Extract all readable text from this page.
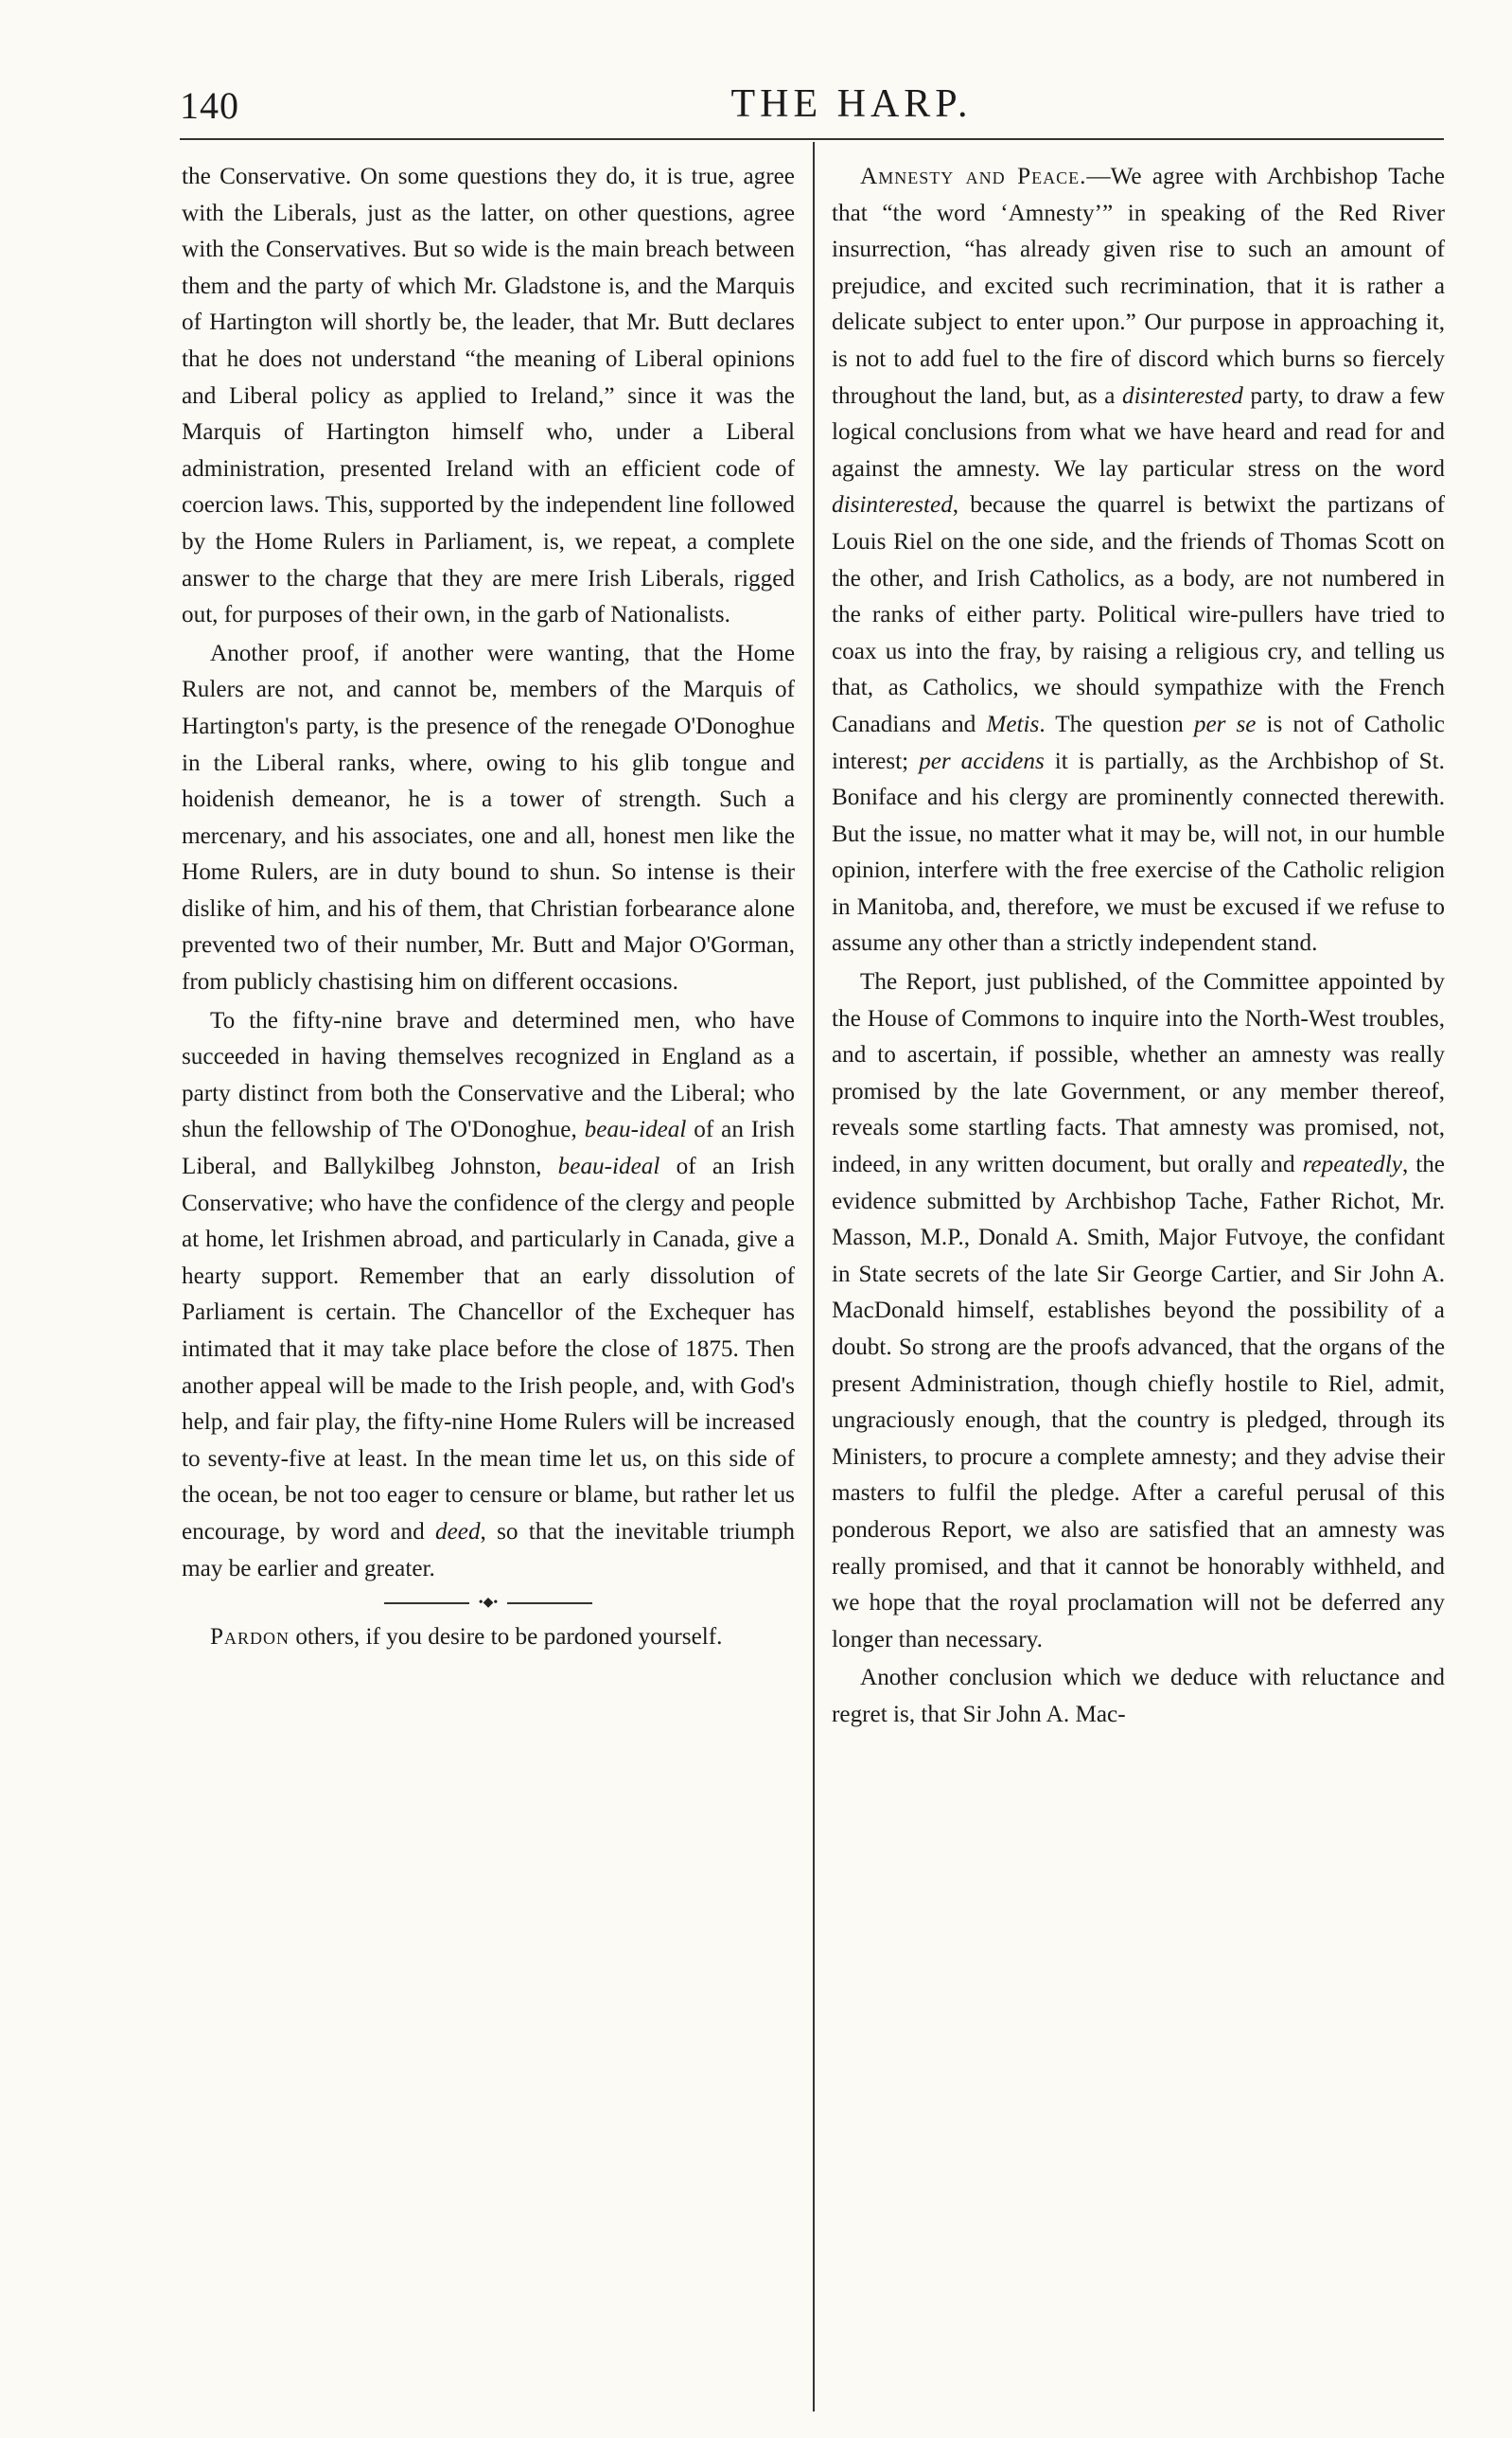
140	THE HARP.

the Conservative. On some questions they do, it is true, agree with the Liberals, just as the latter, on other questions, agree with the Conservatives. But so wide is the main breach between them and the party of which Mr. Gladstone is, and the Marquis of Hartington will shortly be, the leader, that Mr. Butt declares that he does not understand “the meaning of Liberal opinions and Liberal policy as applied to Ireland,” since it was the Marquis of Hartington himself who, under a Liberal administration, presented Ireland with an efficient code of coercion laws. This, supported by the independent line followed by the Home Rulers in Parliament, is, we repeat, a complete answer to the charge that they are mere Irish Liberals, rigged out, for purposes of their own, in the garb of Nationalists.

Another proof, if another were wanting, that the Home Rulers are not, and cannot be, members of the Marquis of Hartington's party, is the presence of the renegade O'Donoghue in the Liberal ranks, where, owing to his glib tongue and hoidenish demeanor, he is a tower of strength. Such a mercenary, and his associates, one and all, honest men like the Home Rulers, are in duty bound to shun. So intense is their dislike of him, and his of them, that Christian forbearance alone prevented two of their number, Mr. Butt and Major O'Gorman, from publicly chastising him on different occasions.

To the fifty-nine brave and determined men, who have succeeded in having themselves recognized in England as a party distinct from both the Conservative and the Liberal; who shun the fellowship of The O'Donoghue, beau-ideal of an Irish Liberal, and Ballykilbeg Johnston, beau-ideal of an Irish Conservative; who have the confidence of the clergy and people at home, let Irishmen abroad, and particularly in Canada, give a hearty support. Remember that an early dissolution of Parliament is certain. The Chancellor of the Exchequer has intimated that it may take place before the close of 1875. Then another appeal will be made to the Irish people, and, with God's help, and fair play, the fifty-nine Home Rulers will be increased to seventy-five at least. In the mean time let us, on this side of the ocean, be not too eager to censure or blame, but rather let us encourage, by word and deed, so that the inevitable triumph may be earlier and greater.

•◆•

Pardon others, if you desire to be pardoned yourself.

Amnesty and Peace.—We agree with Archbishop Tache that “the word ‘Amnesty’” in speaking of the Red River insurrection, “has already given rise to such an amount of prejudice, and excited such recrimination, that it is rather a delicate subject to enter upon.” Our purpose in approaching it, is not to add fuel to the fire of discord which burns so fiercely throughout the land, but, as a disinterested party, to draw a few logical conclusions from what we have heard and read for and against the amnesty. We lay particular stress on the word disinterested, because the quarrel is betwixt the partizans of Louis Riel on the one side, and the friends of Thomas Scott on the other, and Irish Catholics, as a body, are not numbered in the ranks of either party. Political wire-pullers have tried to coax us into the fray, by raising a religious cry, and telling us that, as Catholics, we should sympathize with the French Canadians and Metis. The question per se is not of Catholic interest; per accidens it is partially, as the Archbishop of St. Boniface and his clergy are prominently connected therewith. But the issue, no matter what it may be, will not, in our humble opinion, interfere with the free exercise of the Catholic religion in Manitoba, and, therefore, we must be excused if we refuse to assume any other than a strictly independent stand.

The Report, just published, of the Committee appointed by the House of Commons to inquire into the North-West troubles, and to ascertain, if possible, whether an amnesty was really promised by the late Government, or any member thereof, reveals some startling facts. That amnesty was promised, not, indeed, in any written document, but orally and repeatedly, the evidence submitted by Archbishop Tache, Father Richot, Mr. Masson, M.P., Donald A. Smith, Major Futvoye, the confidant in State secrets of the late Sir George Cartier, and Sir John A. MacDonald himself, establishes beyond the possibility of a doubt. So strong are the proofs advanced, that the organs of the present Administration, though chiefly hostile to Riel, admit, ungraciously enough, that the country is pledged, through its Ministers, to procure a complete amnesty; and they advise their masters to fulfil the pledge. After a careful perusal of this ponderous Report, we also are satisfied that an amnesty was really promised, and that it cannot be honorably withheld, and we hope that the royal proclamation will not be deferred any longer than necessary.

Another conclusion which we deduce with reluctance and regret is, that Sir John A. Mac-
